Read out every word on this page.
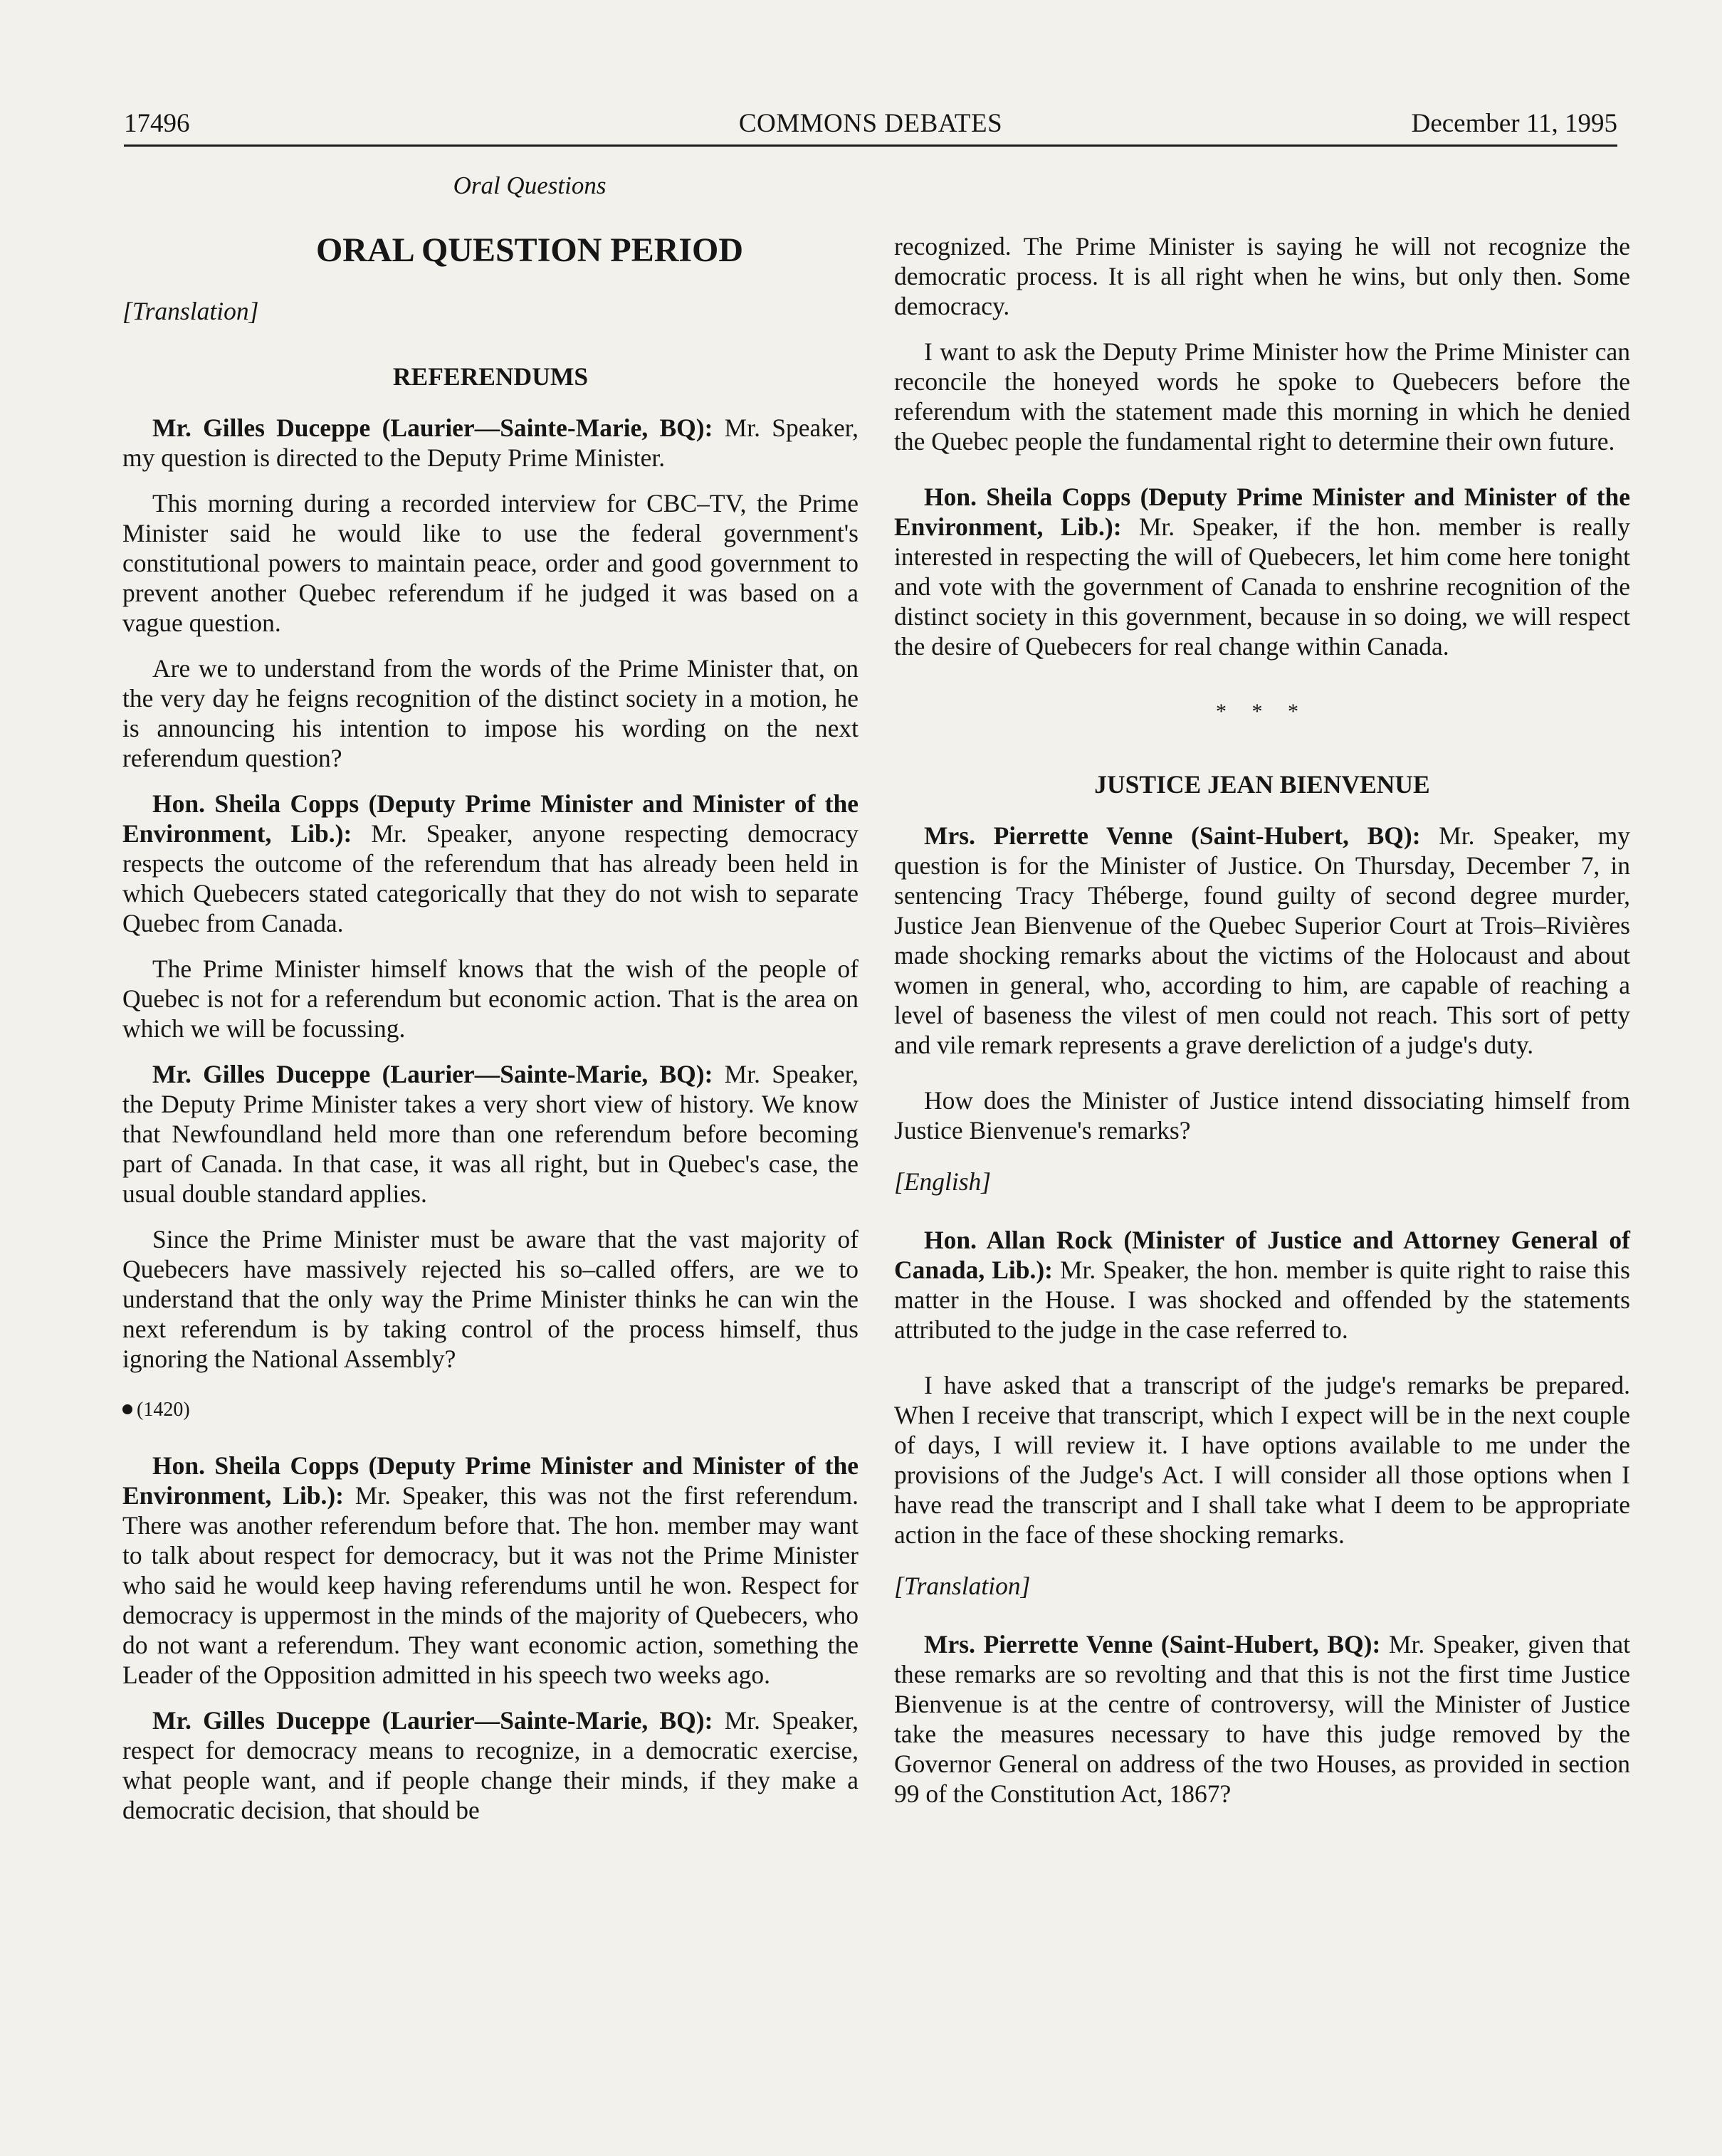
17496	COMMONS DEBATES	December 11, 1995
Oral Questions
ORAL QUESTION PERIOD
[Translation]
REFERENDUMS

Mr. Gilles Duceppe (Laurier—Sainte-Marie, BQ): Mr. Speaker, my question is directed to the Deputy Prime Minister.

This morning during a recorded interview for CBC–TV, the Prime Minister said he would like to use the federal government's constitutional powers to maintain peace, order and good government to prevent another Quebec referendum if he judged it was based on a vague question.

Are we to understand from the words of the Prime Minister that, on the very day he feigns recognition of the distinct society in a motion, he is announcing his intention to impose his wording on the next referendum question?

Hon. Sheila Copps (Deputy Prime Minister and Minister of the Environment, Lib.): Mr. Speaker, anyone respecting democracy respects the outcome of the referendum that has already been held in which Quebecers stated categorically that they do not wish to separate Quebec from Canada.

The Prime Minister himself knows that the wish of the people of Quebec is not for a referendum but economic action. That is the area on which we will be focussing.

Mr. Gilles Duceppe (Laurier—Sainte-Marie, BQ): Mr. Speaker, the Deputy Prime Minister takes a very short view of history. We know that Newfoundland held more than one referendum before becoming part of Canada. In that case, it was all right, but in Quebec's case, the usual double standard applies.

Since the Prime Minister must be aware that the vast majority of Quebecers have massively rejected his so–called offers, are we to understand that the only way the Prime Minister thinks he can win the next referendum is by taking control of the process himself, thus ignoring the National Assembly?

(1420)

Hon. Sheila Copps (Deputy Prime Minister and Minister of the Environment, Lib.): Mr. Speaker, this was not the first referendum. There was another referendum before that. The hon. member may want to talk about respect for democracy, but it was not the Prime Minister who said he would keep having referendums until he won. Respect for democracy is uppermost in the minds of the majority of Quebecers, who do not want a referendum. They want economic action, something the Leader of the Opposition admitted in his speech two weeks ago.

Mr. Gilles Duceppe (Laurier—Sainte-Marie, BQ): Mr. Speaker, respect for democracy means to recognize, in a democratic exercise, what people want, and if people change their minds, if they make a democratic decision, that should be

recognized. The Prime Minister is saying he will not recognize the democratic process. It is all right when he wins, but only then. Some democracy.

I want to ask the Deputy Prime Minister how the Prime Minister can reconcile the honeyed words he spoke to Quebecers before the referendum with the statement made this morning in which he denied the Quebec people the fundamental right to determine their own future.

Hon. Sheila Copps (Deputy Prime Minister and Minister of the Environment, Lib.): Mr. Speaker, if the hon. member is really interested in respecting the will of Quebecers, let him come here tonight and vote with the government of Canada to enshrine recognition of the distinct society in this government, because in so doing, we will respect the desire of Quebecers for real change within Canada.

* * *
JUSTICE JEAN BIENVENUE

Mrs. Pierrette Venne (Saint-Hubert, BQ): Mr. Speaker, my question is for the Minister of Justice. On Thursday, December 7, in sentencing Tracy Théberge, found guilty of second degree murder, Justice Jean Bienvenue of the Quebec Superior Court at Trois–Rivières made shocking remarks about the victims of the Holocaust and about women in general, who, according to him, are capable of reaching a level of baseness the vilest of men could not reach. This sort of petty and vile remark represents a grave dereliction of a judge's duty.

How does the Minister of Justice intend dissociating himself from Justice Bienvenue's remarks?

[English]

Hon. Allan Rock (Minister of Justice and Attorney General of Canada, Lib.): Mr. Speaker, the hon. member is quite right to raise this matter in the House. I was shocked and offended by the statements attributed to the judge in the case referred to.

I have asked that a transcript of the judge's remarks be prepared. When I receive that transcript, which I expect will be in the next couple of days, I will review it. I have options available to me under the provisions of the Judge's Act. I will consider all those options when I have read the transcript and I shall take what I deem to be appropriate action in the face of these shocking remarks.

[Translation]

Mrs. Pierrette Venne (Saint-Hubert, BQ): Mr. Speaker, given that these remarks are so revolting and that this is not the first time Justice Bienvenue is at the centre of controversy, will the Minister of Justice take the measures necessary to have this judge removed by the Governor General on address of the two Houses, as provided in section 99 of the Constitution Act, 1867?
